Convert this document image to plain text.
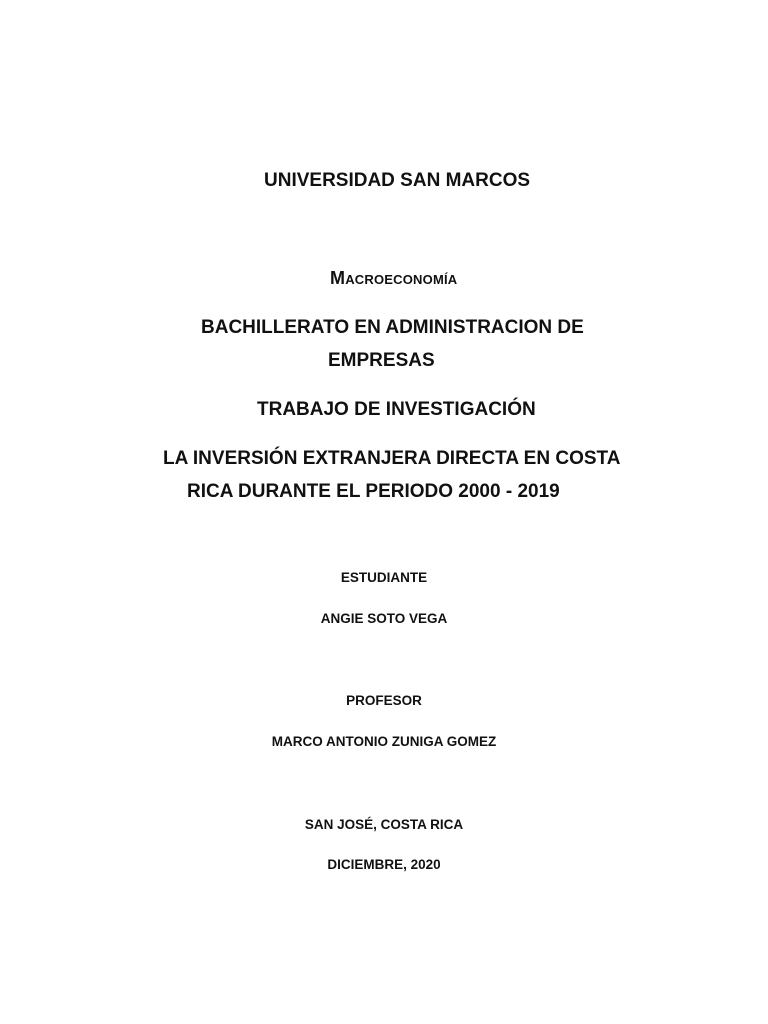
UNIVERSIDAD SAN MARCOS
Macroeconomía
BACHILLERATO EN ADMINISTRACION DE
EMPRESAS
TRABAJO DE INVESTIGACIÓN
LA INVERSIÓN EXTRANJERA DIRECTA EN COSTA
RICA DURANTE EL PERIODO 2000 - 2019
ESTUDIANTE
ANGIE SOTO VEGA
PROFESOR
MARCO ANTONIO ZUNIGA GOMEZ
SAN JOSÉ, COSTA RICA
DICIEMBRE, 2020
